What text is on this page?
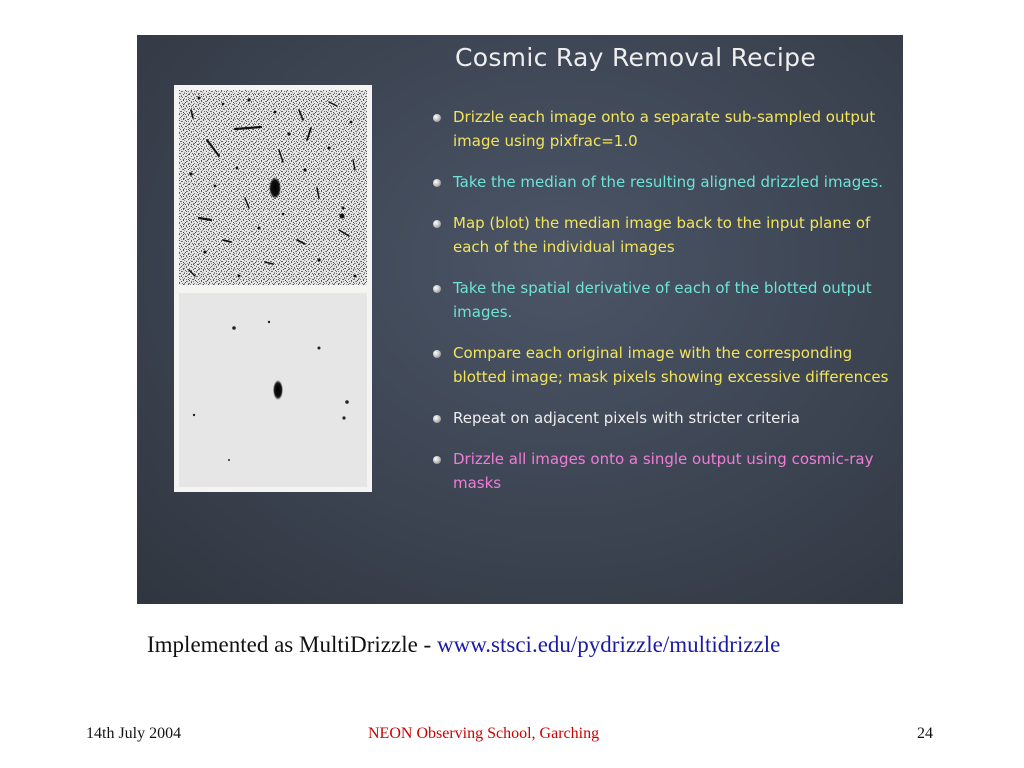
Cosmic Ray Removal Recipe
Drizzle each image onto a separate sub-sampled output image using pixfrac=1.0
Take the median of the resulting aligned drizzled images.
Map (blot) the median image back to the input plane of each of the individual images
Take the spatial derivative of each of the blotted output images.
Compare each original image with the corresponding blotted image; mask pixels showing excessive differences
Repeat on adjacent pixels with stricter criteria
Drizzle all images onto a single output using cosmic-ray masks
Implemented as MultiDrizzle - www.stsci.edu/pydrizzle/multidrizzle
14th July 2004	NEON Observing School, Garching	24
